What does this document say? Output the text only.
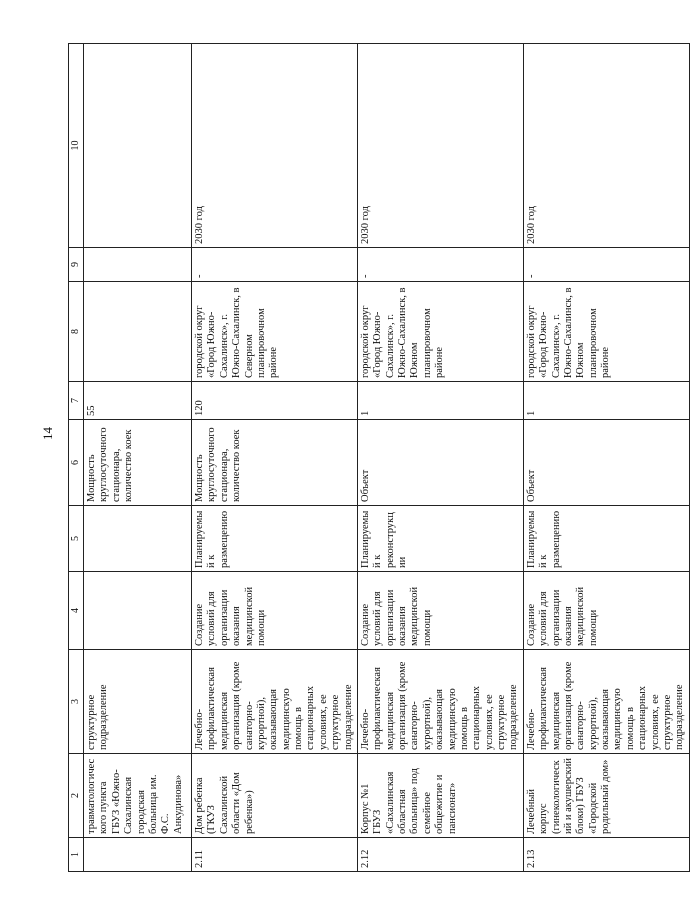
14
1	2	3	4	5	6	7	8	9	10
	травматологического пункта ГБУЗ «Южно-Сахалинская городская больница им. Ф.С. Анкудинова»	структурное подразделение			Мощность круглосуточного стационара, количество коек	55			
2.11	Дом ребенка (ГКУЗ Сахалинской области «Дом ребенка»)	Лечебно-профилактическая медицинская организация (кроме санаторно-курортной), оказывающая медицинскую помощь в стационарных условиях, ее структурное подразделение	Создание условий для организации оказания медицинской помощи	Планируемый к размещению	Мощность круглосуточного стационара, количество коек	120	городской округ «Город Южно-Сахалинск», г. Южно-Сахалинск, в Северном планировочном районе	-	2030 год
2.12	Корпус №1 ГБУЗ «Сахалинская областная больница» под семейное общежитие и пансионат»	Лечебно-профилактическая медицинская организация (кроме санаторно-курортной), оказывающая медицинскую помощь в стационарных условиях, ее структурное подразделение	Создание условий для организации оказания медицинской помощи	Планируемый к реконструкции	Объект	1	городской округ «Город Южно-Сахалинск», г. Южно-Сахалинск, в Южном планировочном районе	-	2030 год
2.13	Лечебный корпус (гинекологический и акушерский блоки) ГБУЗ «Городской родильный дом»	Лечебно-профилактическая медицинская организация (кроме санаторно-курортной), оказывающая медицинскую помощь в стационарных условиях, ее структурное подразделение	Создание условий для организации оказания медицинской помощи	Планируемый к размещению	Объект	1	городской округ «Город Южно-Сахалинск», г. Южно-Сахалинск, в Южном планировочном районе	-	2030 год
